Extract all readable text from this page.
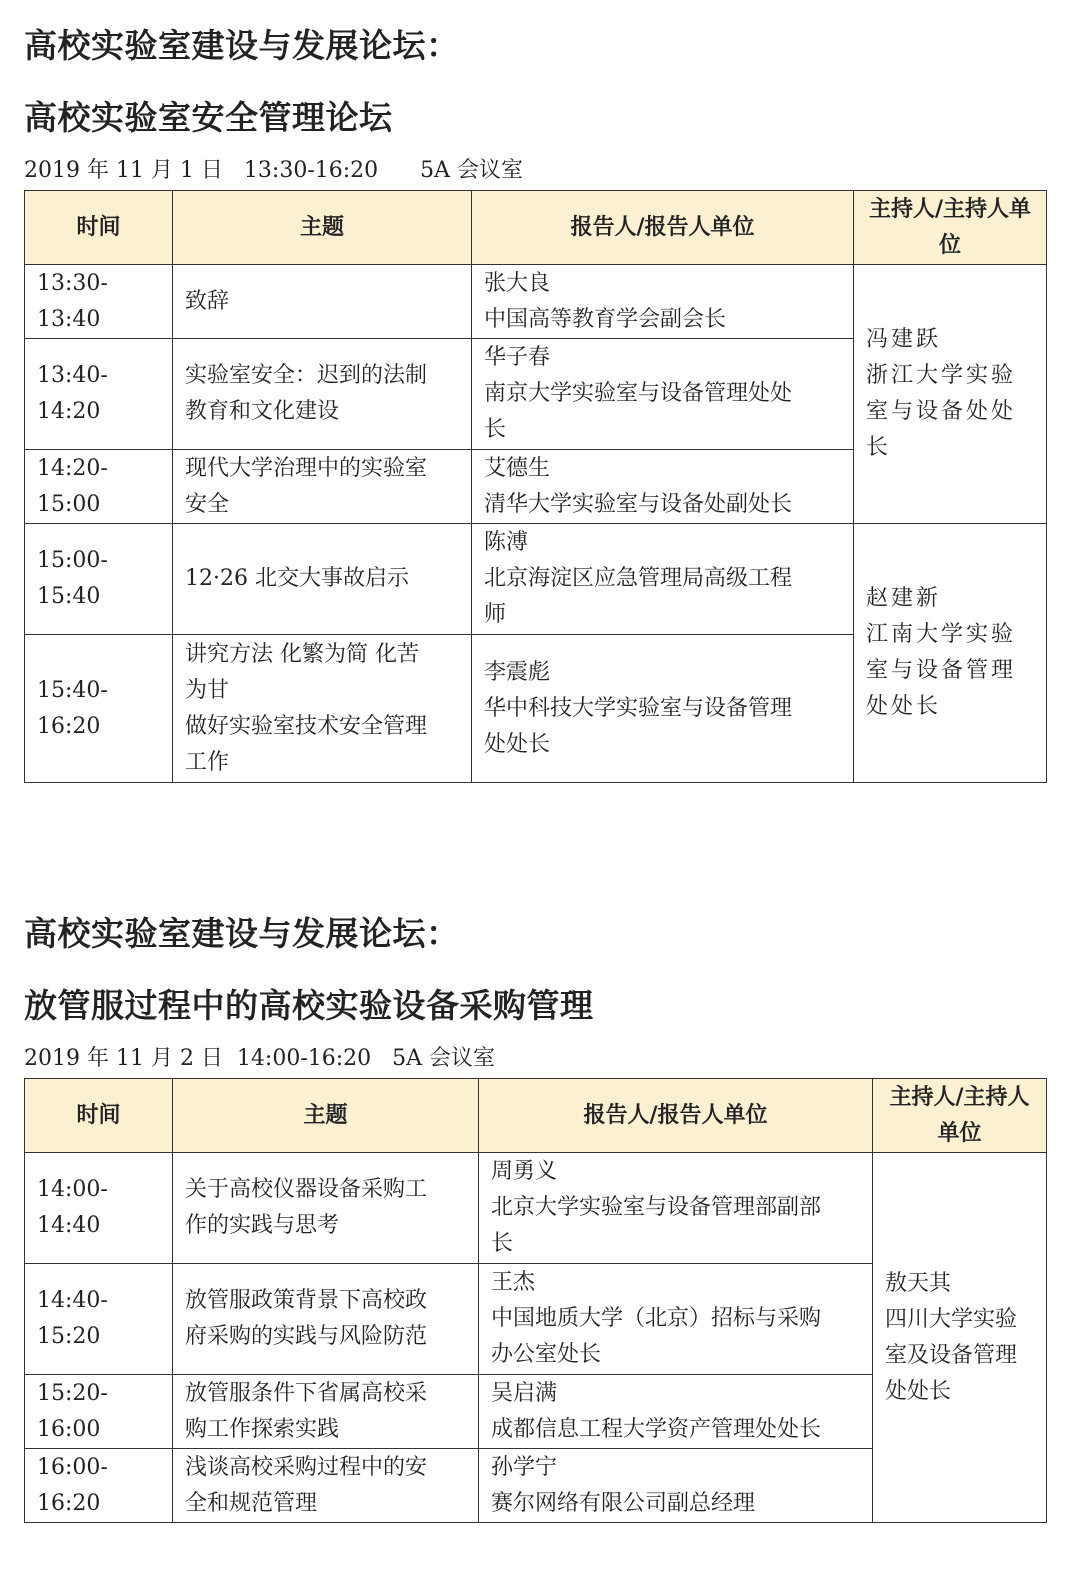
高校实验室建设与发展论坛：
高校实验室安全管理论坛
2019 年 11 月 1 日   13:30-16:20      5A 会议室
时间	主题	报告人/报告人单位	主持人/主持人单位

13:30-
13:40	致辞	张大良
中国高等教育学会副会长	冯建跃
浙江大学实验
室与设备处处
长

13:40-
14:20	实验室安全：迟到的法制
教育和文化建设	华子春
南京大学实验室与设备管理处处
长	

14:20-
15:00	现代大学治理中的实验室
安全	艾德生
清华大学实验室与设备处副处长	

15:00-
15:40	12·26 北交大事故启示	陈溥
北京海淀区应急管理局高级工程
师	赵建新
江南大学实验
室与设备管理
处处长

15:40-
16:20	讲究方法 化繁为简 化苦
为甘
做好实验室技术安全管理
工作	李震彪
华中科技大学实验室与设备管理
处处长	
高校实验室建设与发展论坛：
放管服过程中的高校实验设备采购管理
2019 年 11 月 2 日  14:00-16:20   5A 会议室
时间	主题	报告人/报告人单位	主持人/主持人单位

14:00-
14:40	关于高校仪器设备采购工
作的实践与思考	周勇义
北京大学实验室与设备管理部副部
长	敖天其
四川大学实验
室及设备管理
处处长

14:40-
15:20	放管服政策背景下高校政
府采购的实践与风险防范	王杰
中国地质大学（北京）招标与采购
办公室处长	

15:20-
16:00	放管服条件下省属高校采
购工作探索实践	吴启满
成都信息工程大学资产管理处处长	

16:00-
16:20	浅谈高校采购过程中的安
全和规范管理	孙学宁
赛尔网络有限公司副总经理	
